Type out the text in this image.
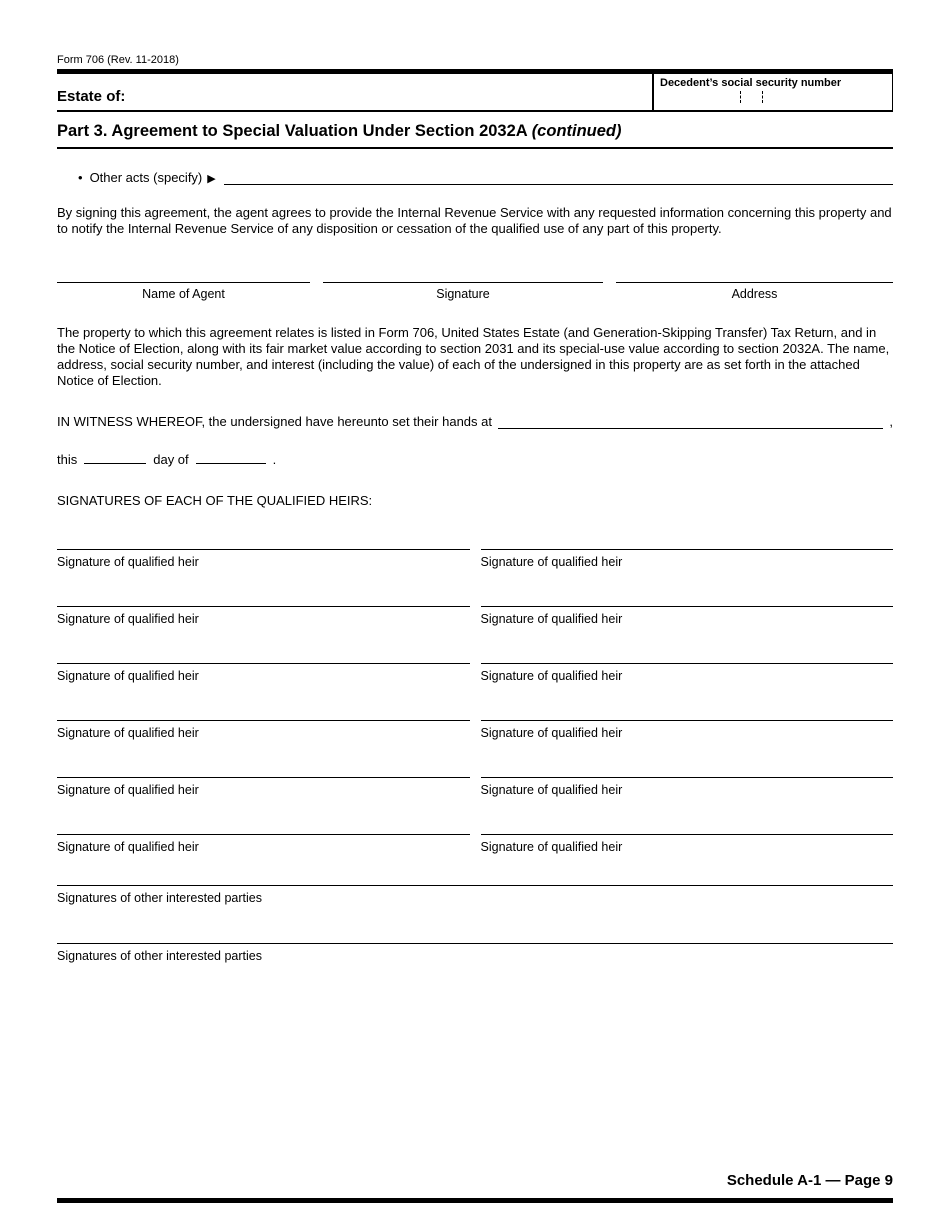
Form 706 (Rev. 11-2018)
Estate of:
Decedent’s social security number
Part 3. Agreement to Special Valuation Under Section 2032A (continued)
• Other acts (specify) ▶

By signing this agreement, the agent agrees to provide the Internal Revenue Service with any requested information concerning this property and to notify the Internal Revenue Service of any disposition or cessation of the qualified use of any part of this property.

Name of Agent	Signature	Address

The property to which this agreement relates is listed in Form 706, United States Estate (and Generation-Skipping Transfer) Tax Return, and in the Notice of Election, along with its fair market value according to section 2031 and its special-use value according to section 2032A. The name, address, social security number, and interest (including the value) of each of the undersigned in this property are as set forth in the attached Notice of Election.

IN WITNESS WHEREOF, the undersigned have hereunto set their hands at	,
this	day of	.
SIGNATURES OF EACH OF THE QUALIFIED HEIRS:
Signature of qualified heir	Signature of qualified heir
Signature of qualified heir	Signature of qualified heir
Signature of qualified heir	Signature of qualified heir
Signature of qualified heir	Signature of qualified heir
Signature of qualified heir	Signature of qualified heir
Signature of qualified heir	Signature of qualified heir
Signatures of other interested parties
Signatures of other interested parties
Schedule A-1 — Page 9
